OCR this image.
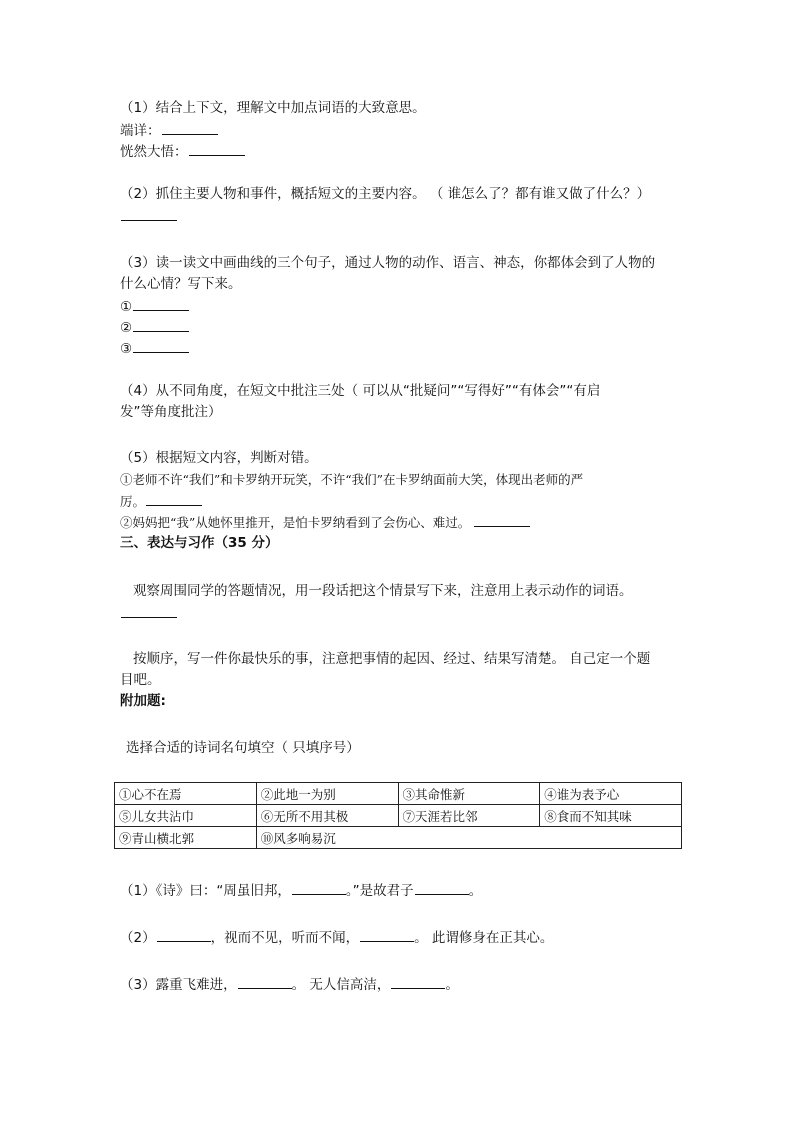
（1）结合上下文，理解文中加点词语的大致意思。
端详：
恍然大悟：
（2）抓住主要人物和事件，概括短文的主要内容。 （ 谁怎么了？都有谁又做了什么？）
（3）读一读文中画曲线的三个句子，通过人物的动作、语言、神态，你都体会到了人物的
什么心情？写下来。
①
②
③
（4）从不同角度，在短文中批注三处（ 可以从“批疑问”“写得好”“有体会”“有启
发”等角度批注）
（5）根据短文内容，判断对错。
①老师不许“我们”和卡罗纳开玩笑，不许“我们”在卡罗纳面前大笑，体现出老师的严
厉。
②妈妈把“我”从她怀里推开，是怕卡罗纳看到了会伤心、难过。
三、表达与习作（35 分）
观察周围同学的答题情况，用一段话把这个情景写下来，注意用上表示动作的词语。
按顺序，写一件你最快乐的事，注意把事情的起因、经过、结果写清楚。 自己定一个题
目吧。
附加题:
选择合适的诗词名句填空（ 只填序号）
①心不在焉	②此地一为别	③其命惟新	④谁为表予心
⑤儿女共沾巾	⑥无所不用其极	⑦天涯若比邻	⑧食而不知其味
⑨青山横北郭	⑩风多响易沉		
（1）《诗》曰：“周虽旧邦，	。”是故君子	。
（2）	，视而不见，听而不闻，	。 此谓修身在正其心。
（3）露重飞难进，	。 无人信高洁，	。
